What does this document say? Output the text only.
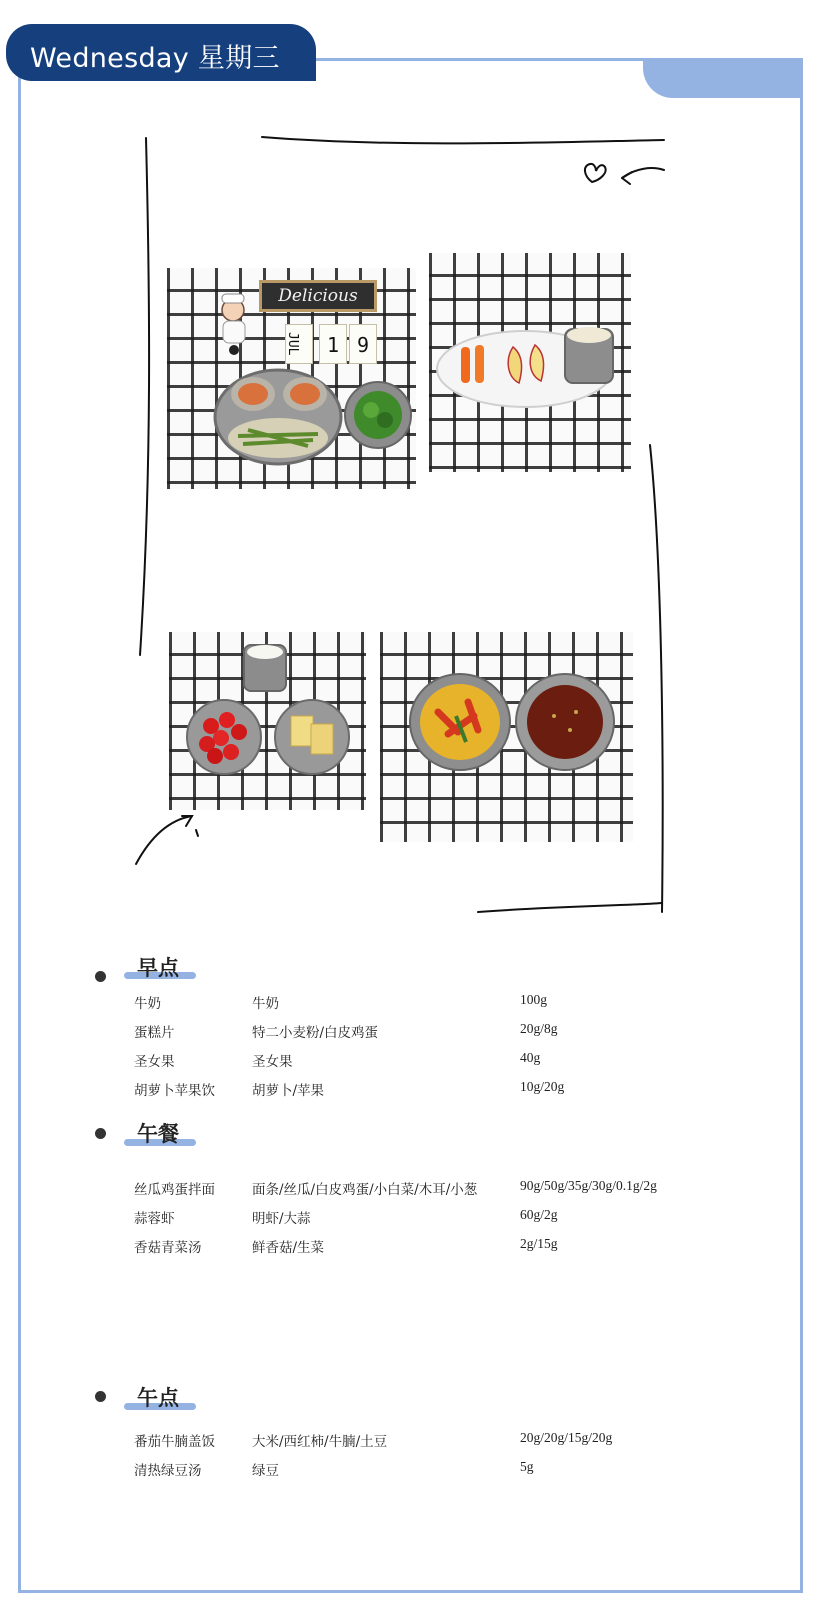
Wednesday 星期三
Delicious
JUL	1 9
早点
牛奶	牛奶	100g
蛋糕片	特二小麦粉/白皮鸡蛋	20g/8g
圣女果	圣女果	40g
胡萝卜苹果饮	胡萝卜/苹果	10g/20g
午餐
丝瓜鸡蛋拌面	面条/丝瓜/白皮鸡蛋/小白菜/木耳/小葱	90g/50g/35g/30g/0.1g/2g
蒜蓉虾	明虾/大蒜	60g/2g
香菇青菜汤	鲜香菇/生菜	2g/15g
午点
番茄牛腩盖饭	大米/西红柿/牛腩/土豆	20g/20g/15g/20g
清热绿豆汤	绿豆	5g
